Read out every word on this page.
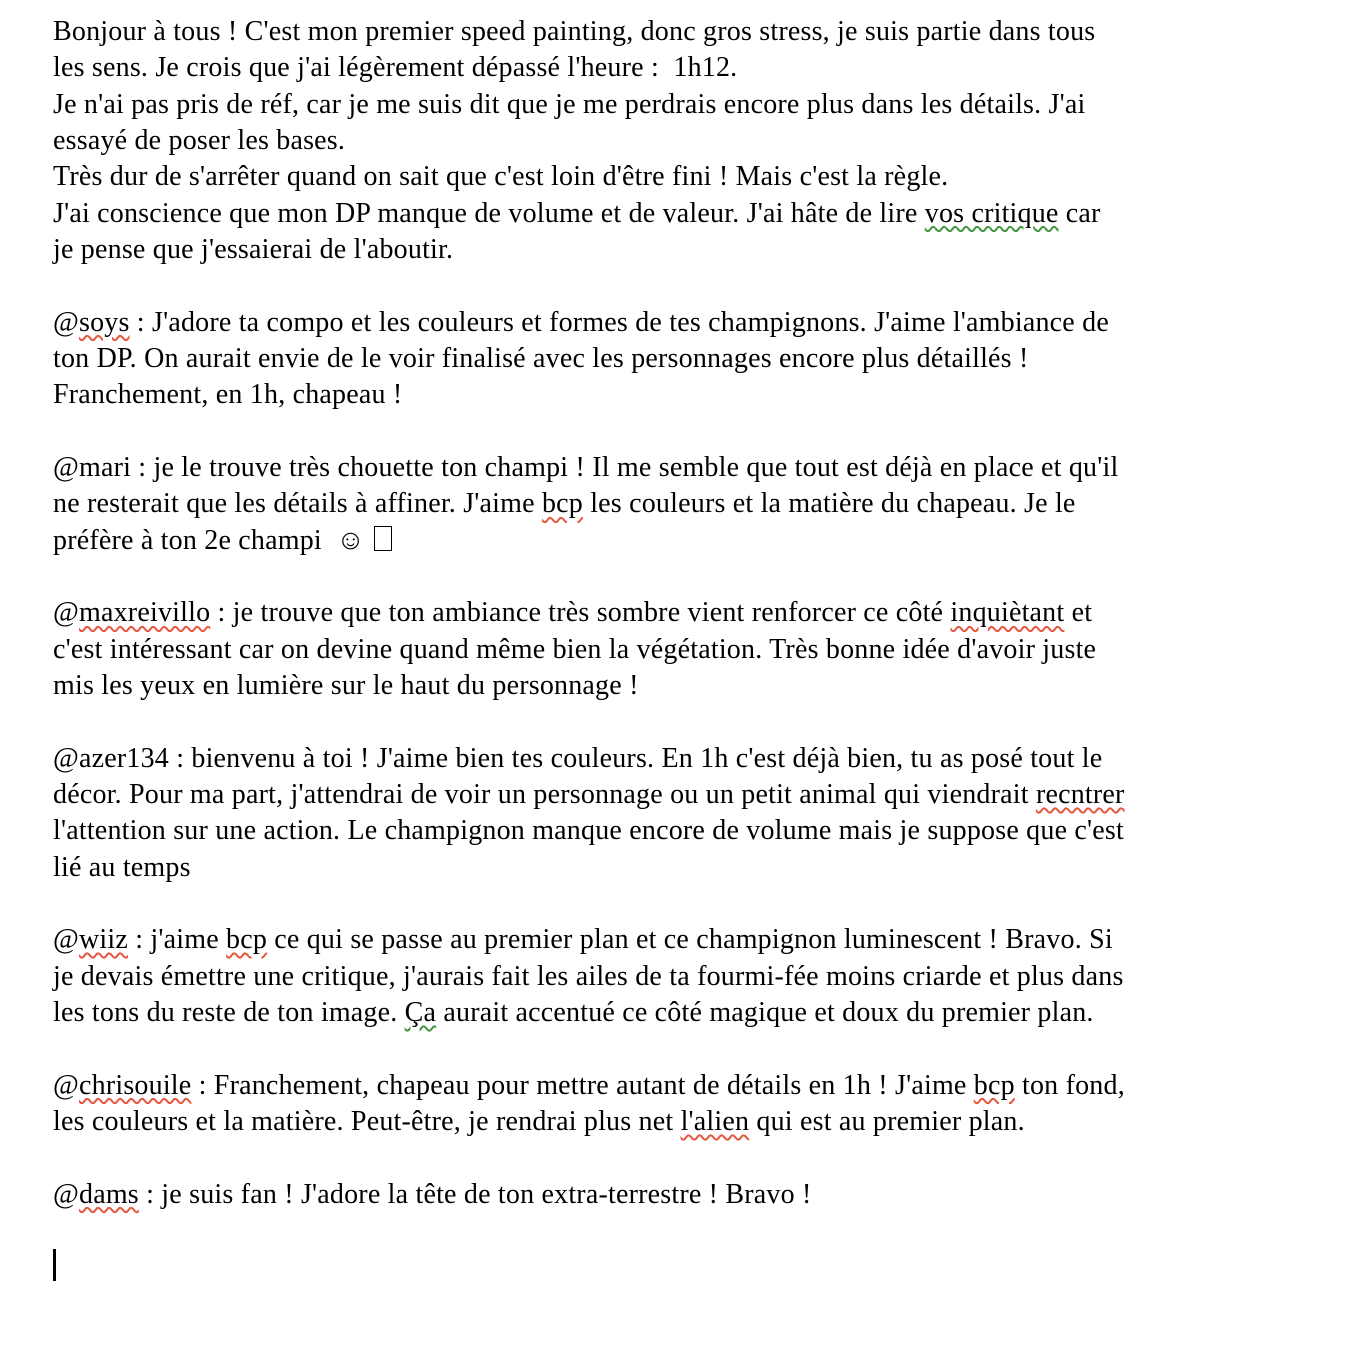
Bonjour à tous ! C'est mon premier speed painting, donc gros stress, je suis partie dans tous
les sens. Je crois que j'ai légèrement dépassé l'heure :  1h12.
Je n'ai pas pris de réf, car je me suis dit que je me perdrais encore plus dans les détails. J'ai
essayé de poser les bases.
Très dur de s'arrêter quand on sait que c'est loin d'être fini ! Mais c'est la règle.
J'ai conscience que mon DP manque de volume et de valeur. J'ai hâte de lire vos critique car
je pense que j'essaierai de l'aboutir.

@soys : J'adore ta compo et les couleurs et formes de tes champignons. J'aime l'ambiance de
ton DP. On aurait envie de le voir finalisé avec les personnages encore plus détaillés !
Franchement, en 1h, chapeau !

@mari : je le trouve très chouette ton champi ! Il me semble que tout est déjà en place et qu'il
ne resterait que les détails à affiner. J'aime bcp les couleurs et la matière du chapeau. Je le
préfère à ton 2e champi  ☺

@maxreivillo : je trouve que ton ambiance très sombre vient renforcer ce côté inquiètant et
c'est intéressant car on devine quand même bien la végétation. Très bonne idée d'avoir juste
mis les yeux en lumière sur le haut du personnage !

@azer134 : bienvenu à toi ! J'aime bien tes couleurs. En 1h c'est déjà bien, tu as posé tout le
décor. Pour ma part, j'attendrai de voir un personnage ou un petit animal qui viendrait recntrer
l'attention sur une action. Le champignon manque encore de volume mais je suppose que c'est
lié au temps

@wiiz : j'aime bcp ce qui se passe au premier plan et ce champignon luminescent ! Bravo. Si
je devais émettre une critique, j'aurais fait les ailes de ta fourmi-fée moins criarde et plus dans
les tons du reste de ton image. Ça aurait accentué ce côté magique et doux du premier plan.

@chrisouile : Franchement, chapeau pour mettre autant de détails en 1h ! J'aime bcp ton fond,
les couleurs et la matière. Peut-être, je rendrai plus net l'alien qui est au premier plan.

@dams : je suis fan ! J'adore la tête de ton extra-terrestre ! Bravo !
